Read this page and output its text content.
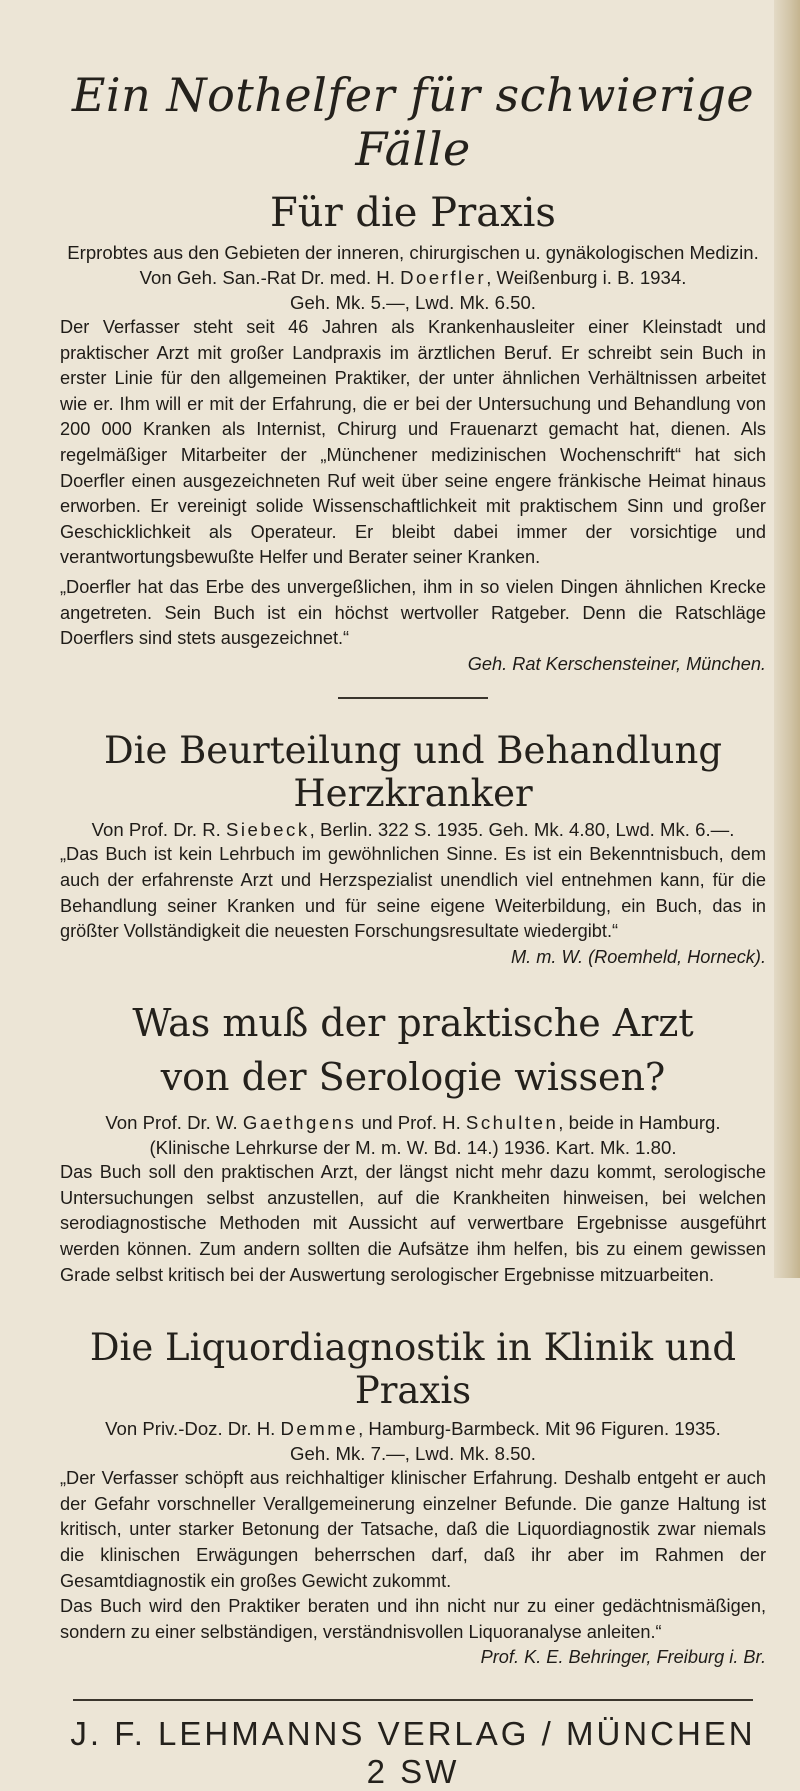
Ein Nothelfer für schwierige Fälle
Für die Praxis

Erprobtes aus den Gebieten der inneren, chirurgischen u. gynäkologischen Medizin.

Von Geh. San.-Rat Dr. med. H. Doerfler, Weißenburg i. B. 1934.

Geh. Mk. 5.—, Lwd. Mk. 6.50.

Der Verfasser steht seit 46 Jahren als Krankenhausleiter einer Kleinstadt und praktischer Arzt mit großer Landpraxis im ärztlichen Beruf. Er schreibt sein Buch in erster Linie für den allgemeinen Praktiker, der unter ähnlichen Verhältnissen arbeitet wie er. Ihm will er mit der Erfahrung, die er bei der Untersuchung und Behandlung von 200 000 Kranken als Internist, Chirurg und Frauenarzt gemacht hat, dienen. Als regelmäßiger Mitarbeiter der „Münchener medizinischen Wochenschrift“ hat sich Doerfler einen ausgezeichneten Ruf weit über seine engere fränkische Heimat hinaus erworben. Er vereinigt solide Wissenschaftlichkeit mit praktischem Sinn und großer Geschicklichkeit als Operateur. Er bleibt dabei immer der vorsichtige und verantwortungsbewußte Helfer und Berater seiner Kranken.

„Doerfler hat das Erbe des unvergeßlichen, ihm in so vielen Dingen ähnlichen Krecke angetreten. Sein Buch ist ein höchst wertvoller Ratgeber. Denn die Ratschläge Doerflers sind stets ausgezeichnet.“

Geh. Rat Kerschensteiner, München.

Die Beurteilung und Behandlung Herzkranker

Von Prof. Dr. R. Siebeck, Berlin. 322 S. 1935. Geh. Mk. 4.80, Lwd. Mk. 6.—.

„Das Buch ist kein Lehrbuch im gewöhnlichen Sinne. Es ist ein Bekenntnisbuch, dem auch der erfahrenste Arzt und Herzspezialist unendlich viel entnehmen kann, für die Behandlung seiner Kranken und für seine eigene Weiterbildung, ein Buch, das in größter Vollständigkeit die neuesten Forschungsresultate wiedergibt.“

M. m. W. (Roemheld, Horneck).

Was muß der praktische Arzt
von der Serologie wissen?

Von Prof. Dr. W. Gaethgens und Prof. H. Schulten, beide in Hamburg.

(Klinische Lehrkurse der M. m. W. Bd. 14.) 1936. Kart. Mk. 1.80.

Das Buch soll den praktischen Arzt, der längst nicht mehr dazu kommt, serologische Untersuchungen selbst anzustellen, auf die Krankheiten hinweisen, bei welchen serodiagnostische Methoden mit Aussicht auf verwertbare Ergebnisse ausgeführt werden können. Zum andern sollten die Aufsätze ihm helfen, bis zu einem gewissen Grade selbst kritisch bei der Auswertung serologischer Ergebnisse mitzuarbeiten.

Die Liquordiagnostik in Klinik und Praxis

Von Priv.-Doz. Dr. H. Demme, Hamburg-Barmbeck. Mit 96 Figuren. 1935.

Geh. Mk. 7.—, Lwd. Mk. 8.50.

„Der Verfasser schöpft aus reichhaltiger klinischer Erfahrung. Deshalb entgeht er auch der Gefahr vorschneller Verallgemeinerung einzelner Befunde. Die ganze Haltung ist kritisch, unter starker Betonung der Tatsache, daß die Liquordiagnostik zwar niemals die klinischen Erwägungen beherrschen darf, daß ihr aber im Rahmen der Gesamtdiagnostik ein großes Gewicht zukommt.

Das Buch wird den Praktiker beraten und ihn nicht nur zu einer gedächtnismäßigen, sondern zu einer selbständigen, verständnisvollen Liquoranalyse anleiten.“

Prof. K. E. Behringer, Freiburg i. Br.

J. F. LEHMANNS VERLAG / MÜNCHEN 2 SW
